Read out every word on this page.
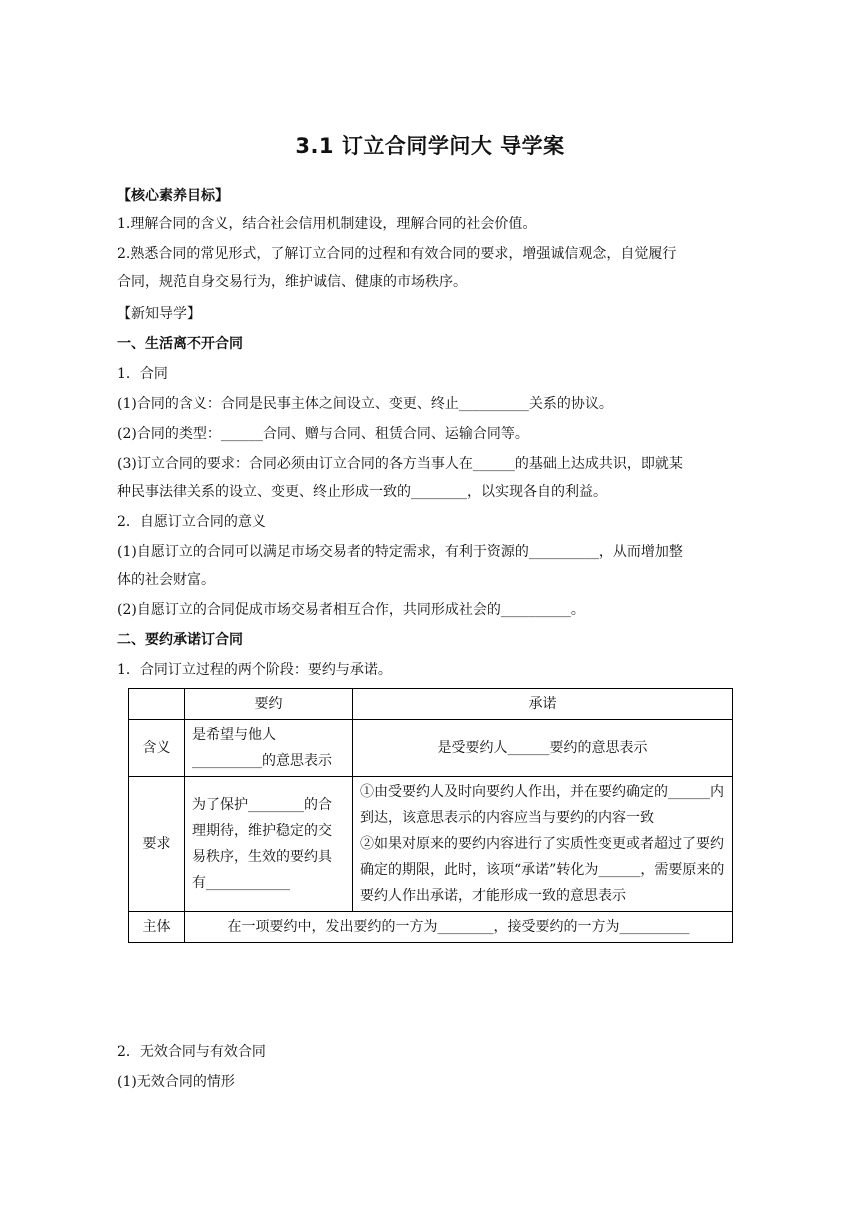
3.1 订立合同学问大 导学案
【核心素养目标】
1.理解合同的含义，结合社会信用机制建设，理解合同的社会价值。
2.熟悉合同的常见形式，了解订立合同的过程和有效合同的要求，增强诚信观念，自觉履行
合同，规范自身交易行为，维护诚信、健康的市场秩序。
【新知导学】
一、生活离不开合同
1．合同
(1)合同的含义：合同是民事主体之间设立、变更、终止__________关系的协议。
(2)合同的类型：______合同、赠与合同、租赁合同、运输合同等。
(3)订立合同的要求：合同必须由订立合同的各方当事人在______的基础上达成共识，即就某
种民事法律关系的设立、变更、终止形成一致的________，以实现各自的利益。
2．自愿订立合同的意义
(1)自愿订立的合同可以满足市场交易者的特定需求，有利于资源的__________，从而增加整
体的社会财富。
(2)自愿订立的合同促成市场交易者相互合作，共同形成社会的__________。
二、要约承诺订合同
1．合同订立过程的两个阶段：要约与承诺。
	要约	承诺
含义	是希望与他人__________的意思表示	是受要约人______要约的意思表示
要求	为了保护________的合理期待，维护稳定的交易秩序，生效的要约具有____________	①由受要约人及时向要约人作出，并在要约确定的______内到达，该意思表示的内容应当与要约的内容一致
②如果对原来的要约内容进行了实质性变更或者超过了要约确定的期限，此时，该项“承诺”转化为______，需要原来的要约人作出承诺，才能形成一致的意思表示

主体	在一项要约中，发出要约的一方为________，接受要约的一方为__________	
2．无效合同与有效合同
(1)无效合同的情形
